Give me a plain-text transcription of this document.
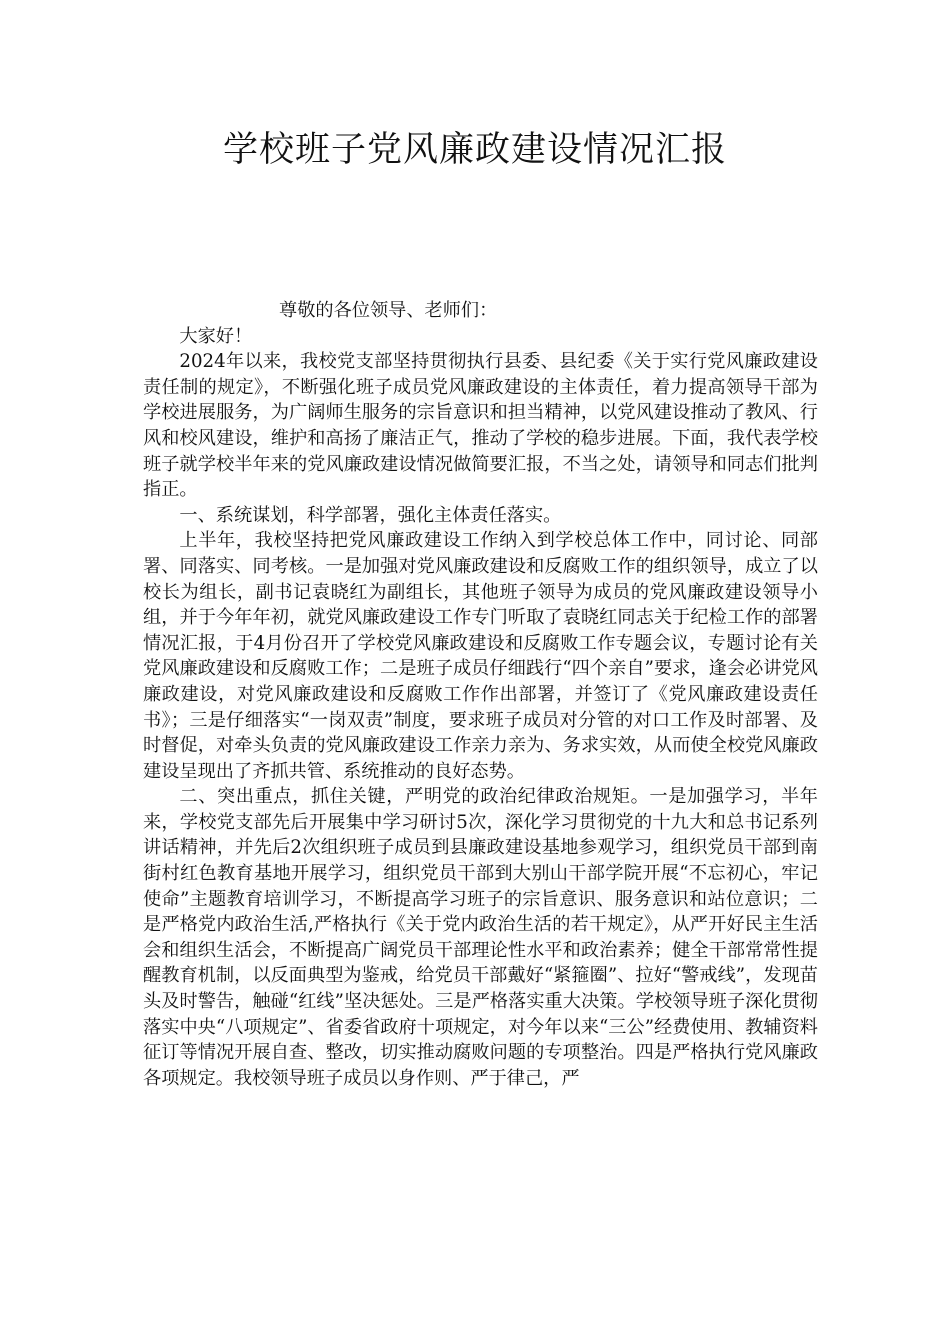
学校班子党风廉政建设情况汇报

尊敬的各位领导、老师们：

大家好！

2024年以来，我校党支部坚持贯彻执行县委、县纪委《关于实行党风廉政建设责任制的规定》，不断强化班子成员党风廉政建设的主体责任，着力提高领导干部为学校进展服务，为广阔师生服务的宗旨意识和担当精神，以党风建设推动了教风、行风和校风建设，维护和高扬了廉洁正气，推动了学校的稳步进展。下面，我代表学校班子就学校半年来的党风廉政建设情况做简要汇报，不当之处，请领导和同志们批判指正。

一、系统谋划，科学部署，强化主体责任落实。

上半年，我校坚持把党风廉政建设工作纳入到学校总体工作中，同讨论、同部署、同落实、同考核。一是加强对党风廉政建设和反腐败工作的组织领导，成立了以校长为组长，副书记袁晓红为副组长，其他班子领导为成员的党风廉政建设领导小组，并于今年年初，就党风廉政建设工作专门听取了袁晓红同志关于纪检工作的部署情况汇报，于4月份召开了学校党风廉政建设和反腐败工作专题会议，专题讨论有关党风廉政建设和反腐败工作；二是班子成员仔细践行“四个亲自”要求，逢会必讲党风廉政建设，对党风廉政建设和反腐败工作作出部署，并签订了《党风廉政建设责任书》；三是仔细落实“一岗双责”制度，要求班子成员对分管的对口工作及时部署、及时督促，对牵头负责的党风廉政建设工作亲力亲为、务求实效，从而使全校党风廉政建设呈现出了齐抓共管、系统推动的良好态势。

二、突出重点，抓住关键，严明党的政治纪律政治规矩。一是加强学习，半年来，学校党支部先后开展集中学习研讨5次，深化学习贯彻党的十九大和总书记系列讲话精神，并先后2次组织班子成员到县廉政建设基地参观学习，组织党员干部到南街村红色教育基地开展学习，组织党员干部到大别山干部学院开展“不忘初心，牢记使命”主题教育培训学习，不断提高学习班子的宗旨意识、服务意识和站位意识；二是严格党内政治生活,严格执行《关于党内政治生活的若干规定》，从严开好民主生活会和组织生活会，不断提高广阔党员干部理论性水平和政治素养；健全干部常常性提醒教育机制，以反面典型为鉴戒，给党员干部戴好“紧箍圈”、拉好“警戒线”，发现苗头及时警告，触碰“红线”坚决惩处。三是严格落实重大决策。学校领导班子深化贯彻落实中央“八项规定”、省委省政府十项规定，对今年以来“三公”经费使用、教辅资料征订等情况开展自查、整改，切实推动腐败问题的专项整治。四是严格执行党风廉政各项规定。我校领导班子成员以身作则、严于律己，严
